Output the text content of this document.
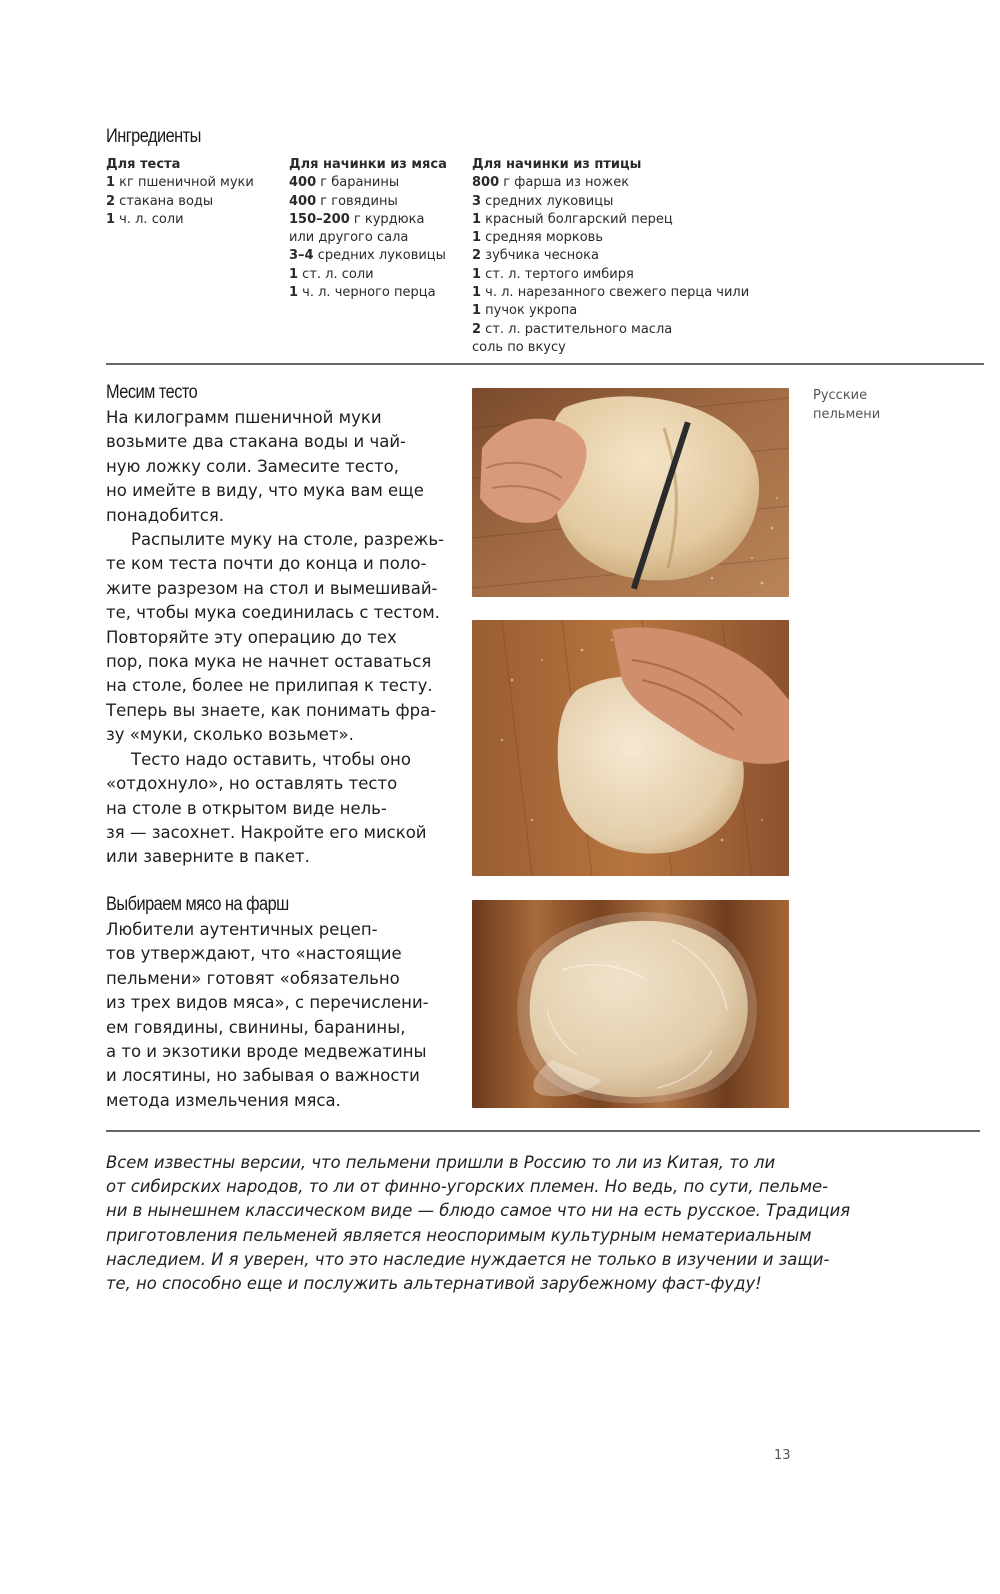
Ингредиенты
Для теста
1 кг пшеничной муки
2 стакана воды
1 ч. л. соли
Для начинки из мяса
400 г баранины
400 г говядины
150–200 г курдюка
или другого сала
3–4 средних луковицы
1 ст. л. соли
1 ч. л. черного перца
Для начинки из птицы
800 г фарша из ножек
3 средних луковицы
1 красный болгарский перец
1 средняя морковь
2 зубчика чеснока
1 ст. л. тертого имбиря
1 ч. л. нарезанного свежего перца чили
1 пучок укропа
2 ст. л. растительного масла
соль по вкусу
Месим тесто
На килограмм пшеничной муки
возьмите два стакана воды и чай-
ную ложку соли. Замесите тесто,
но имейте в виду, что мука вам еще
понадобится.
Распылите муку на столе, разрежь-
те ком теста почти до конца и поло-
жите разрезом на стол и вымешивай-
те, чтобы мука соединилась с тестом.
Повторяйте эту операцию до тех
пор, пока мука не начнет оставаться
на столе, более не прилипая к тесту.
Теперь вы знаете, как понимать фра-
зу «муки, сколько возьмет».
Тесто надо оставить, чтобы оно
«отдохнуло», но оставлять тесто
на столе в открытом виде нель-
зя — засохнет. Накройте его миской
или заверните в пакет.
Выбираем мясо на фарш
Любители аутентичных рецеп-
тов утверждают, что «настоящие
пельмени» готовят «обязательно
из трех видов мяса», с перечислени-
ем говядины, свинины, баранины,
а то и экзотики вроде медвежатины
и лосятины, но забывая о важности
метода измельчения мяса.
Русские
пельмени
Всем известны версии, что пельмени пришли в Россию то ли из Китая, то ли
от сибирских народов, то ли от финно-угорских племен. Но ведь, по сути, пельме-
ни в нынешнем классическом виде — блюдо самое что ни на есть русское. Традиция
приготовления пельменей является неоспоримым культурным нематериальным
наследием. И я уверен, что это наследие нуждается не только в изучении и защи-
те, но способно еще и послужить альтернативой зарубежному фаст-фуду!
13
